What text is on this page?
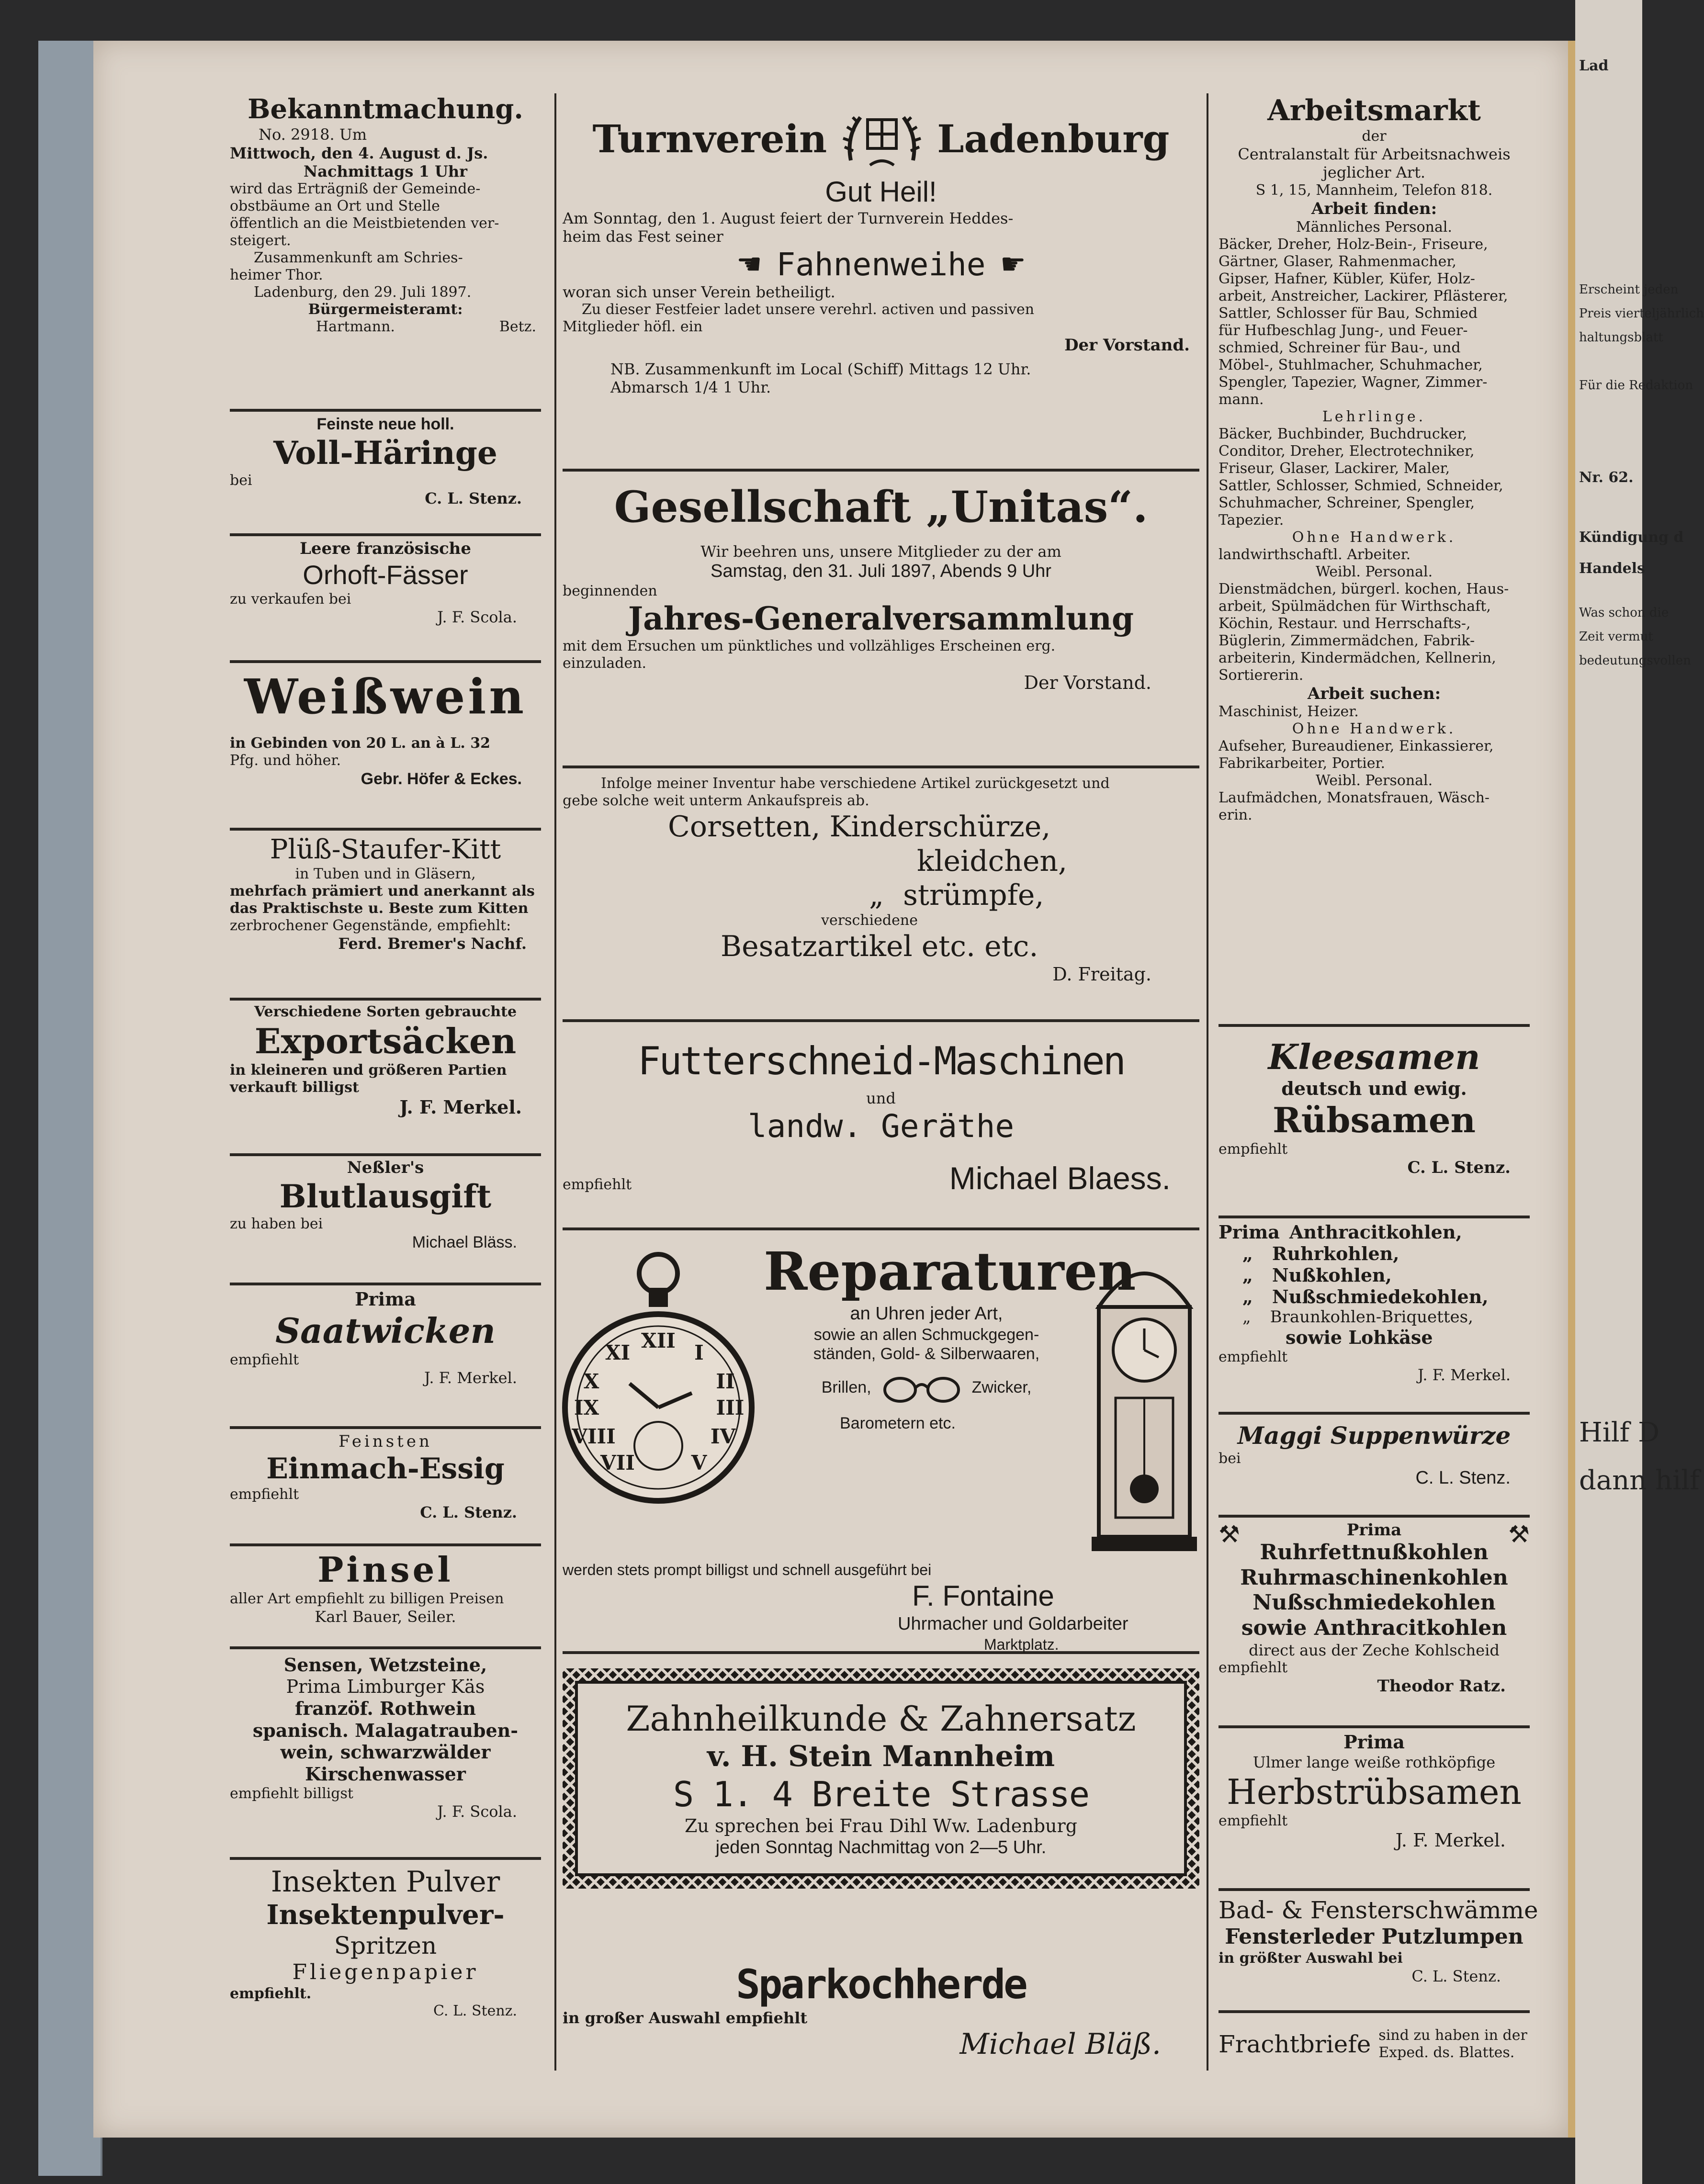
Lad
Erscheint jeden
Preis vierteljährlich
haltungsblatt
Für die Redaktion
Nr. 62.
Kündigung d
Handels
Was schon die
Zeit vermut
bedeutungsvollen
Hilf D
dann hilf
Bekanntmachung.
No. 2918. Um
Mittwoch, den 4. August d. Js.
Nachmittags 1 Uhr
wird das Erträgniß der Gemeinde-
obstbäume an Ort und Stelle
öffentlich an die Meistbietenden ver-
steigert.
Zusammenkunft am Schries-
heimer Thor.
Ladenburg, den 29. Juli 1897.
Bürgermeisteramt:
Hartmann.	Betz.
Feinste neue holl.
Voll-Häringe
bei
C. L. Stenz.
Leere französische
Orhoft-Fässer
zu verkaufen bei
J. F. Scola.
Weißwein
in Gebinden von 20 L. an à L. 32
Pfg. und höher.
Gebr. Höfer & Eckes.
Plüß-Staufer-Kitt
in Tuben und in Gläsern,
mehrfach prämiert und anerkannt als
das Praktischste u. Beste zum Kitten
zerbrochener Gegenstände, empfiehlt:
Ferd. Bremer's Nachf.
Verschiedene Sorten gebrauchte
Exportsäcken
in kleineren und größeren Partien
verkauft billigst
J. F. Merkel.
Neßler's
Blutlausgift
zu haben bei
Michael Bläss.
Prima
Saatwicken
empfiehlt
J. F. Merkel.
Feinsten
Einmach-Essig
empfiehlt
C. L. Stenz.
Pinsel
aller Art empfiehlt zu billigen Preisen
Karl Bauer, Seiler.
Sensen, Wetzsteine,
Prima Limburger Käs
franzöf. Rothwein
spanisch. Malagatrauben-
wein, schwarzwälder
Kirschenwasser
empfiehlt billigst
J. F. Scola.
Insekten Pulver
Insektenpulver-
Spritzen
Fliegenpapier
empfiehlt.
C. L. Stenz.
Turnverein	Ladenburg
Gut Heil!
Am Sonntag, den 1. August feiert der Turnverein Heddes-
heim das Fest seiner
☛ Fahnenweihe ☚
woran sich unser Verein betheiligt.
Zu dieser Festfeier ladet unsere verehrl. activen und passiven
Mitglieder höfl. ein
Der Vorstand.
NB. Zusammenkunft im Local (Schiff) Mittags 12 Uhr.
Abmarsch 1/4 1 Uhr.
Gesellschaft „Unitas“.
Wir beehren uns, unsere Mitglieder zu der am
Samstag, den 31. Juli 1897, Abends 9 Uhr
beginnenden
Jahres-Generalversammlung
mit dem Ersuchen um pünktliches und vollzähliges Erscheinen erg.
einzuladen.
Der Vorstand.
Infolge meiner Inventur habe verschiedene Artikel zurückgesetzt und
gebe solche weit unterm Ankaufspreis ab.
Corsetten, Kinderschürze,
kleidchen,
„ strümpfe,
verschiedene
Besatzartikel etc. etc.
D. Freitag.
Futterschneid-Maschinen
und
landw. Geräthe
empfiehlt	Michael Blaess.
XII
I
II
III
IV
V
VII
VIII
IX
X
XI
Reparaturen
an Uhren jeder Art,
sowie an allen Schmuckgegen-
ständen, Gold- & Silberwaaren,
Brillen,	Zwicker,
Barometern etc.
werden stets prompt billigst und schnell ausgeführt bei
F. Fontaine
Uhrmacher und Goldarbeiter
Marktplatz.
Zahnheilkunde & Zahnersatz
v. H. Stein Mannheim
S 1. 4 Breite Strasse
Zu sprechen bei Frau Dihl Ww. Ladenburg
jeden Sonntag Nachmittag von 2—5 Uhr.
Sparkochherde
in großer Auswahl empfiehlt
Michael Bläß.
Arbeitsmarkt
der
Centralanstalt für Arbeitsnachweis
jeglicher Art.
S 1, 15, Mannheim, Telefon 818.
Arbeit finden:
Männliches Personal.
Bäcker, Dreher, Holz-Bein-, Friseure,
Gärtner, Glaser, Rahmenmacher,
Gipser, Hafner, Kübler, Küfer, Holz-
arbeit, Anstreicher, Lackirer, Pflästerer,
Sattler, Schlosser für Bau, Schmied
für Hufbeschlag Jung-, und Feuer-
schmied, Schreiner für Bau-, und
Möbel-, Stuhlmacher, Schuhmacher,
Spengler, Tapezier, Wagner, Zimmer-
mann.
Lehrlinge.
Bäcker, Buchbinder, Buchdrucker,
Conditor, Dreher, Electrotechniker,
Friseur, Glaser, Lackirer, Maler,
Sattler, Schlosser, Schmied, Schneider,
Schuhmacher, Schreiner, Spengler,
Tapezier.
Ohne Handwerk.
landwirthschaftl. Arbeiter.
Weibl. Personal.
Dienstmädchen, bürgerl. kochen, Haus-
arbeit, Spülmädchen für Wirthschaft,
Köchin, Restaur. und Herrschafts-,
Büglerin, Zimmermädchen, Fabrik-
arbeiterin, Kindermädchen, Kellnerin,
Sortiererin.
Arbeit suchen:
Maschinist, Heizer.
Ohne Handwerk.
Aufseher, Bureaudiener, Einkassierer,
Fabrikarbeiter, Portier.
Weibl. Personal.
Laufmädchen, Monatsfrauen, Wäsch-
erin.
Kleesamen
deutsch und ewig.
Rübsamen
empfiehlt
C. L. Stenz.
Prima Anthracitkohlen,
„ Ruhrkohlen,
„ Nußkohlen,
„ Nußschmiedekohlen,
„ Braunkohlen-Briquettes,
sowie Lohkäse
empfiehlt
J. F. Merkel.
Maggi Suppenwürze
bei
C. L. Stenz.
⚒	⚒
Prima
Ruhrfettnußkohlen
Ruhrmaschinenkohlen
Nußschmiedekohlen
sowie Anthracitkohlen
direct aus der Zeche Kohlscheid
empfiehlt
Theodor Ratz.
Prima
Ulmer lange weiße rothköpfige
Herbstrübsamen
empfiehlt
J. F. Merkel.
Bad- & Fensterschwämme
Fensterleder Putzlumpen
in größter Auswahl bei
C. L. Stenz.
Frachtbriefe sind zu haben in der
Exped. ds. Blattes.
